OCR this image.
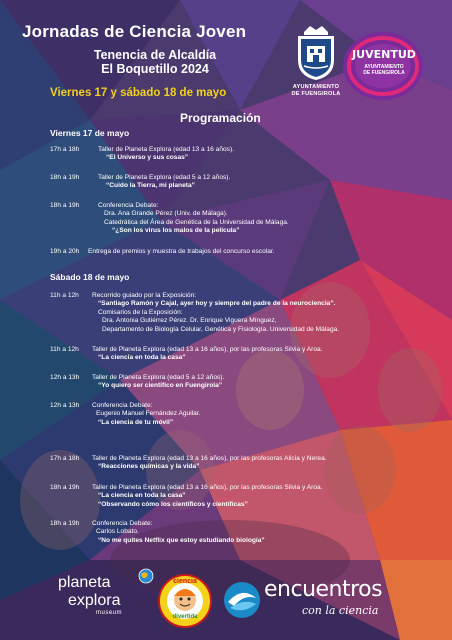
Jornadas de Ciencia Joven
Tenencia de Alcaldía
El Boquetillo 2024
Viernes 17 y sábado 18 de mayo	AYUNTAMIENTO
DE FUENGIROLA
JUVENTUD
AYUNTAMIENTO
DE FUENGIROLA
Programación
Viernes 17 de mayo
17h a 18h	Taller de Planeta Explora (edad 13 a 16 años).
“El Universo y sus cosas”
18h a 19h	Taller de Planeta Explora (edad 5 a 12 años).
“Cuido la Tierra, mi planeta”
18h a 19h	Conferencia Debate:
Dra. Ana Grande Pérez (Univ. de Málaga).
Catedrática del Área de Genética de la Universidad de Málaga.
“¿Son los virus los malos de la película”
19h a 20h Entrega de premios y muestra de trabajos del concurso escolar.
Sábado 18 de mayo
11h a 12h Recorrido guiado por la Exposición:
“Santiago Ramón y Cajal, ayer hoy y siempre del padre de la neurociencia”.
Comisarios de la Exposición:
Dra. Antonia Gutiérrez Pérez. Dr. Enrique Viguera Mínguez,
Departamento de Biología Celular, Genética y Fisiología. Universidad de Málaga.
11h a 12h Taller de Planeta Explora (edad 13 a 16 años), por las profesoras Silvia y Aroa.
“La ciencia en toda la casa”
12h a 13h Taller de Planeta Explora (edad 5 a 12 años).
“Yo quiero ser científico en Fuengirola”
12h a 13h Conferencia Debate:
Eugenio Manuel Fernández Aguilar.
“La ciencia de tu móvil”
17h a 18h Taller de Planeta Explora (edad 13 a 16 años), por las profesoras Alicia y Nerea.
“Reacciones químicas y la vida”
18h a 19h Taller de Planeta Explora (edad 13 a 16 años), por las profesoras Silvia y Aroa.
“La ciencia en toda la casa”
“Observando cómo los científicos y científicas”
18h a 19h Conferencia Debate:
Carlos Lobato.
“No me quites Netflix que estoy estudiando biología”
planeta
explora
museum
ciencia
divertida
encuentros
con la ciencia
